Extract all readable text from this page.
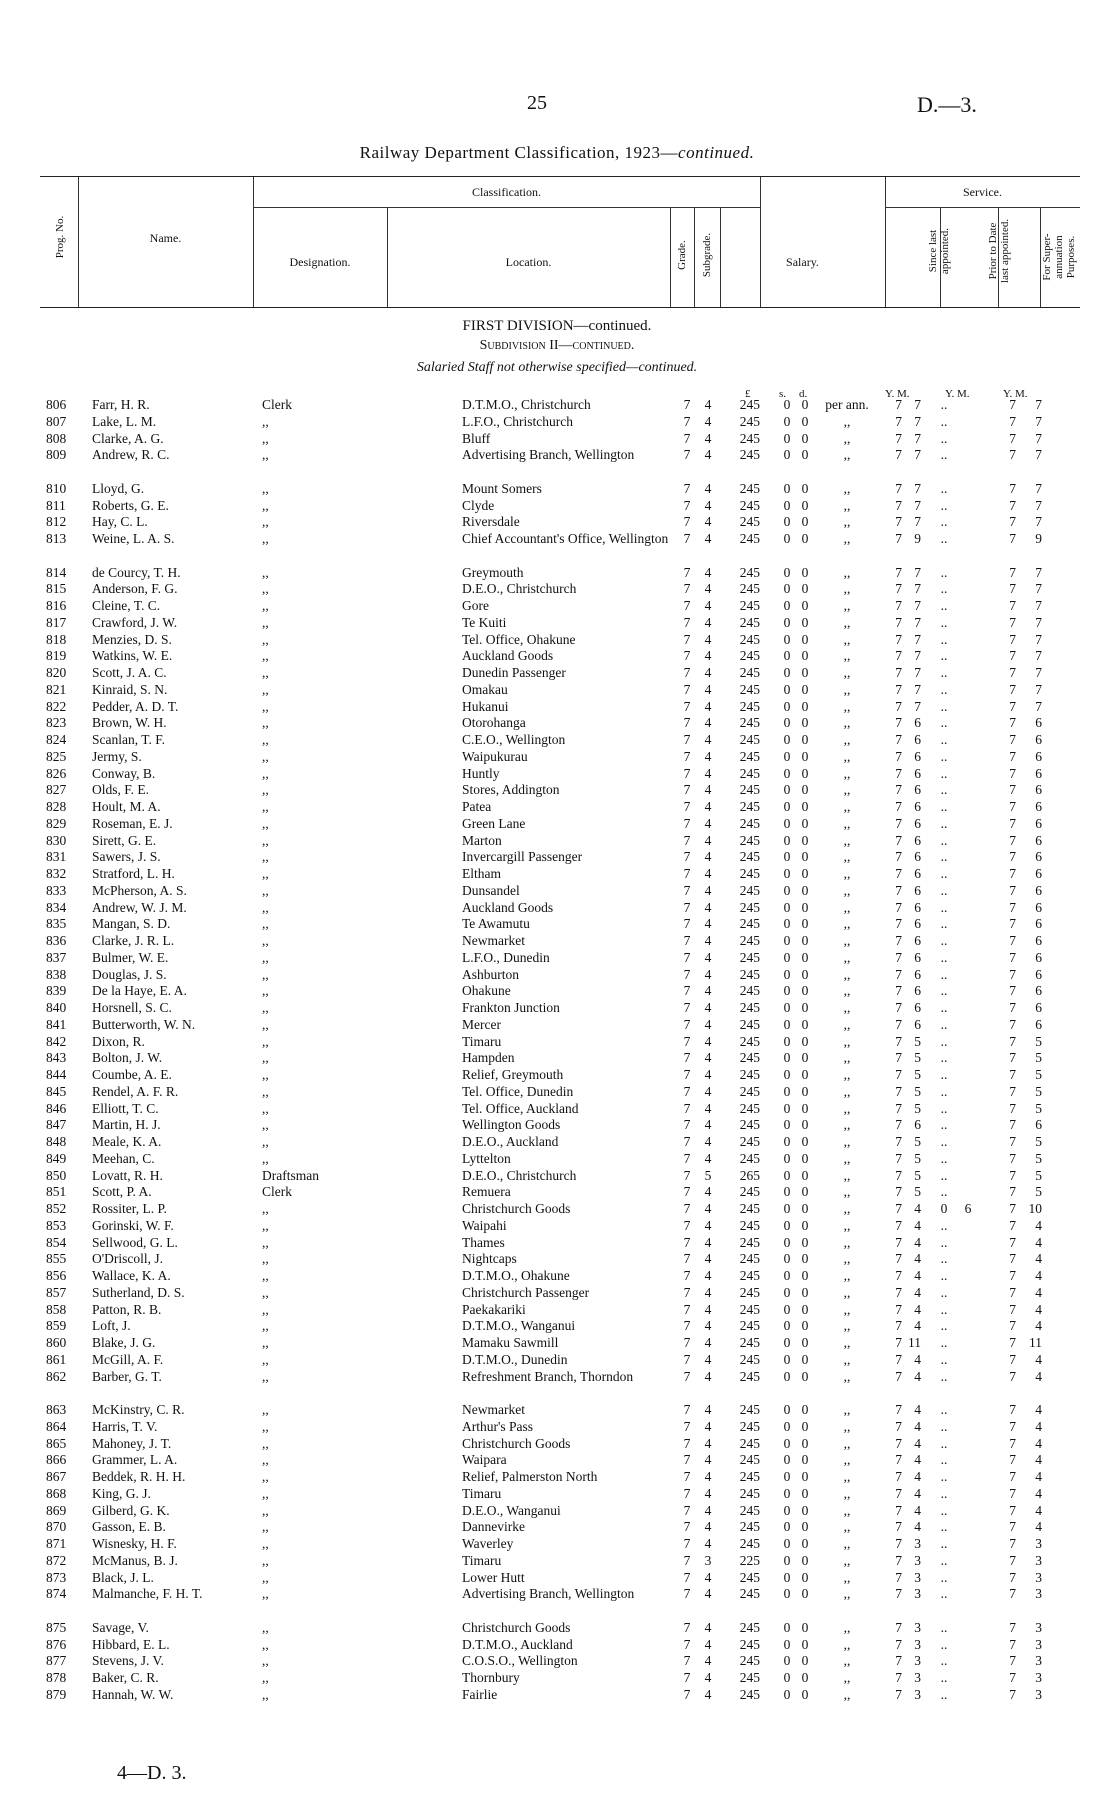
25	D.—3.
Railway Department Classification, 1923—continued.
Prog. No.	Name.
Classification.
Designation.	Location.	Grade. Subgrade.	Salary.
Service.
Since last appointed.	Prior to Date last appointed.	For Super-annuation Purposes.
FIRST DIVISION—continued.
Subdivision II—continued.
Salaried Staff not otherwise specified—continued.
£	s. d.	Y. M.	Y. M.	Y. M.
806	Farr, H. R.	Clerk	D.T.M.O., Christchurch	7 4	245 0 0	per ann.	7 7	..	7	7
807	Lake, L. M.	,,	L.F.O., Christchurch	7 4	245 0 0	,,	7 7	..	7	7
808	Clarke, A. G.	,,	Bluff	7 4	245 0 0	,,	7 7	..	7	7
809	Andrew, R. C.	,,	Advertising Branch, Wellington	7 4	245 0 0	,,	7 7	..	7	7
810	Lloyd, G.	,,	Mount Somers	7 4	245 0 0	,,	7 7	..	7	7
811	Roberts, G. E.	,,	Clyde	7 4	245 0 0	,,	7 7	..	7	7
812	Hay, C. L.	,,	Riversdale	7 4	245 0 0	,,	7 7	..	7	7
813	Weine, L. A. S.	,,	Chief Accountant's Office, Wellington	7 4	245 0 0	,,	7 9	..	7	9
814	de Courcy, T. H.	,,	Greymouth	7 4	245 0 0	,,	7 7	..	7	7
815	Anderson, F. G.	,,	D.E.O., Christchurch	7 4	245 0 0	,,	7 7	..	7	7
816	Cleine, T. C.	,,	Gore	7 4	245 0 0	,,	7 7	..	7	7
817	Crawford, J. W.	,,	Te Kuiti	7 4	245 0 0	,,	7 7	..	7	7
818	Menzies, D. S.	,,	Tel. Office, Ohakune	7 4	245 0 0	,,	7 7	..	7	7
819	Watkins, W. E.	,,	Auckland Goods	7 4	245 0 0	,,	7 7	..	7	7
820	Scott, J. A. C.	,,	Dunedin Passenger	7 4	245 0 0	,,	7 7	..	7	7
821	Kinraid, S. N.	,,	Omakau	7 4	245 0 0	,,	7 7	..	7	7
822	Pedder, A. D. T.	,,	Hukanui	7 4	245 0 0	,,	7 7	..	7	7
823	Brown, W. H.	,,	Otorohanga	7 4	245 0 0	,,	7 6	..	7	6
824	Scanlan, T. F.	,,	C.E.O., Wellington	7 4	245 0 0	,,	7 6	..	7	6
825	Jermy, S.	,,	Waipukurau	7 4	245 0 0	,,	7 6	..	7	6
826	Conway, B.	,,	Huntly	7 4	245 0 0	,,	7 6	..	7	6
827	Olds, F. E.	,,	Stores, Addington	7 4	245 0 0	,,	7 6	..	7	6
828	Hoult, M. A.	,,	Patea	7 4	245 0 0	,,	7 6	..	7	6
829	Roseman, E. J.	,,	Green Lane	7 4	245 0 0	,,	7 6	..	7	6
830	Sirett, G. E.	,,	Marton	7 4	245 0 0	,,	7 6	..	7	6
831	Sawers, J. S.	,,	Invercargill Passenger	7 4	245 0 0	,,	7 6	..	7	6
832	Stratford, L. H.	,,	Eltham	7 4	245 0 0	,,	7 6	..	7	6
833	McPherson, A. S.	,,	Dunsandel	7 4	245 0 0	,,	7 6	..	7	6
834	Andrew, W. J. M.	,,	Auckland Goods	7 4	245 0 0	,,	7 6	..	7	6
835	Mangan, S. D.	,,	Te Awamutu	7 4	245 0 0	,,	7 6	..	7	6
836	Clarke, J. R. L.	,,	Newmarket	7 4	245 0 0	,,	7 6	..	7	6
837	Bulmer, W. E.	,,	L.F.O., Dunedin	7 4	245 0 0	,,	7 6	..	7	6
838	Douglas, J. S.	,,	Ashburton	7 4	245 0 0	,,	7 6	..	7	6
839	De la Haye, E. A.	,,	Ohakune	7 4	245 0 0	,,	7 6	..	7	6
840	Horsnell, S. C.	,,	Frankton Junction	7 4	245 0 0	,,	7 6	..	7	6
841	Butterworth, W. N.	,,	Mercer	7 4	245 0 0	,,	7 6	..	7	6
842	Dixon, R.	,,	Timaru	7 4	245 0 0	,,	7 5	..	7	5
843	Bolton, J. W.	,,	Hampden	7 4	245 0 0	,,	7 5	..	7	5
844	Coumbe, A. E.	,,	Relief, Greymouth	7 4	245 0 0	,,	7 5	..	7	5
845	Rendel, A. F. R.	,,	Tel. Office, Dunedin	7 4	245 0 0	,,	7 5	..	7	5
846	Elliott, T. C.	,,	Tel. Office, Auckland	7 4	245 0 0	,,	7 5	..	7	5
847	Martin, H. J.	,,	Wellington Goods	7 4	245 0 0	,,	7 6	..	7	6
848	Meale, K. A.	,,	D.E.O., Auckland	7 4	245 0 0	,,	7 5	..	7	5
849	Meehan, C.	,,	Lyttelton	7 4	245 0 0	,,	7 5	..	7	5
850	Lovatt, R. H.	Draftsman	D.E.O., Christchurch	7 5	265 0 0	,,	7 5	..	7	5
851	Scott, P. A.	Clerk	Remuera	7 4	245 0 0	,,	7 5	..	7	5
852	Rossiter, L. P.	,,	Christchurch Goods	7 4	245 0 0	,,	7 4	0	6	7 10
853	Gorinski, W. F.	,,	Waipahi	7 4	245 0 0	,,	7 4	..	7	4
854	Sellwood, G. L.	,,	Thames	7 4	245 0 0	,,	7 4	..	7	4
855	O'Driscoll, J.	,,	Nightcaps	7 4	245 0 0	,,	7 4	..	7	4
856	Wallace, K. A.	,,	D.T.M.O., Ohakune	7 4	245 0 0	,,	7 4	..	7	4
857	Sutherland, D. S.	,,	Christchurch Passenger	7 4	245 0 0	,,	7 4	..	7	4
858	Patton, R. B.	,,	Paekakariki	7 4	245 0 0	,,	7 4	..	7	4
859	Loft, J.	,,	D.T.M.O., Wanganui	7 4	245 0 0	,,	7 4	..	7	4
860	Blake, J. G.	,,	Mamaku Sawmill	7 4	245 0 0	,,	7 11	..	7 11
861	McGill, A. F.	,,	D.T.M.O., Dunedin	7 4	245 0 0	,,	7 4	..	7	4
862	Barber, G. T.	,,	Refreshment Branch, Thorndon	7 4	245 0 0	,,	7 4	..	7	4
863	McKinstry, C. R.	,,	Newmarket	7 4	245 0 0	,,	7 4	..	7	4
864	Harris, T. V.	,,	Arthur's Pass	7 4	245 0 0	,,	7 4	..	7	4
865	Mahoney, J. T.	,,	Christchurch Goods	7 4	245 0 0	,,	7 4	..	7	4
866	Grammer, L. A.	,,	Waipara	7 4	245 0 0	,,	7 4	..	7	4
867	Beddek, R. H. H.	,,	Relief, Palmerston North	7 4	245 0 0	,,	7 4	..	7	4
868	King, G. J.	,,	Timaru	7 4	245 0 0	,,	7 4	..	7	4
869	Gilberd, G. K.	,,	D.E.O., Wanganui	7 4	245 0 0	,,	7 4	..	7	4
870	Gasson, E. B.	,,	Dannevirke	7 4	245 0 0	,,	7 4	..	7	4
871	Wisnesky, H. F.	,,	Waverley	7 4	245 0 0	,,	7 3	..	7	3
872	McManus, B. J.	,,	Timaru	7 3	225 0 0	,,	7 3	..	7	3
873	Black, J. L.	,,	Lower Hutt	7 4	245 0 0	,,	7 3	..	7	3
874	Malmanche, F. H. T.	,,	Advertising Branch, Wellington	7 4	245 0 0	,,	7 3	..	7	3
875	Savage, V.	,,	Christchurch Goods	7 4	245 0 0	,,	7 3	..	7	3
876	Hibbard, E. L.	,,	D.T.M.O., Auckland	7 4	245 0 0	,,	7 3	..	7	3
877	Stevens, J. V.	,,	C.O.S.O., Wellington	7 4	245 0 0	,,	7 3	..	7	3
878	Baker, C. R.	,,	Thornbury	7 4	245 0 0	,,	7 3	..	7	3
879	Hannah, W. W.	,,	Fairlie	7 4	245 0 0	,,	7 3	..	7	3
4—D. 3.
